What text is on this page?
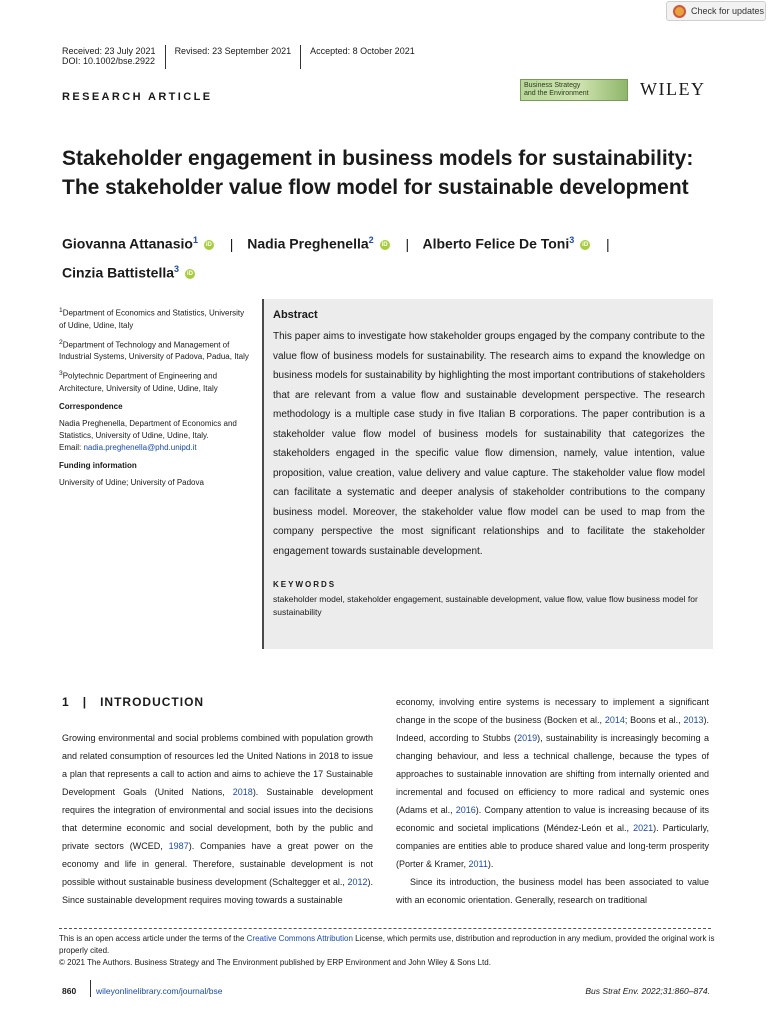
Check for updates
Received: 23 July 2021 Revised: 23 September 2021 Accepted: 8 October 2021
DOI: 10.1002/bse.2922
RESEARCH ARTICLE
Business Strategy
and the Environment	WILEY
Stakeholder engagement in business models for sustainability:
The stakeholder value flow model for sustainable development
Giovanna Attanasio$^1$ iD | Nadia Preghenella$^2$ iD | Alberto Felice De Toni$^3$ iD |
Cinzia Battistella$^3$ iD

$^1$Department of Economics and Statistics, University of Udine, Udine, Italy

$^2$Department of Technology and Management of Industrial Systems, University of Padova, Padua, Italy

$^3$Polytechnic Department of Engineering and Architecture, University of Udine, Udine, Italy

Correspondence

Nadia Preghenella, Department of Economics and Statistics, University of Udine, Udine, Italy.
Email: nadia.preghenella@phd.unipd.it

Funding information

University of Udine; University of Padova

Abstract
This paper aims to investigate how stakeholder groups engaged by the company contribute to the value flow of business models for sustainability. The research aims to expand the knowledge on business models for sustainability by highlighting the most important contributions of stakeholders that are relevant from a value flow and sustainable development perspective. The research methodology is a multiple case study in five Italian B corporations. The paper contribution is a stakeholder value flow model of business models for sustainability that categorizes the stakeholders engaged in the specific value flow dimension, namely, value intention, value proposition, value creation, value delivery and value capture. The stakeholder value flow model can facilitate a systematic and deeper analysis of stakeholder contributions to the company business model. Moreover, the stakeholder value flow model can be used to map from the company perspective the most significant relationships and to facilitate the stakeholder engagement towards sustainable development.
KEYWORDS
stakeholder model, stakeholder engagement, sustainable development, value flow, value flow business model for sustainability
1 | INTRODUCTION
Growing environmental and social problems combined with population growth and related consumption of resources led the United Nations in 2018 to issue a plan that represents a call to action and aims to achieve the 17 Sustainable Development Goals (United Nations, 2018). Sustainable development requires the integration of environmental and social issues into the decisions that determine economic and social development, both by the public and private sectors (WCED, 1987). Companies have a great power on the economy and life in general. Therefore, sustainable development is not possible without sustainable business development (Schaltegger et al., 2012). Since sustainable development requires moving towards a sustainable

economy, involving entire systems is necessary to implement a significant change in the scope of the business (Bocken et al., 2014; Boons et al., 2013). Indeed, according to Stubbs (2019), sustainability is increasingly becoming a changing behaviour, and less a technical challenge, because the types of approaches to sustainable innovation are shifting from internally oriented and incremental and focused on efficiency to more radical and systemic ones (Adams et al., 2016). Company attention to value is increasing because of its economic and societal implications (Méndez-León et al., 2021). Particularly, companies are entities able to produce shared value and long-term prosperity (Porter & Kramer, 2011).

Since its introduction, the business model has been associated to value with an economic orientation. Generally, research on traditional

This is an open access article under the terms of the Creative Commons Attribution License, which permits use, distribution and reproduction in any medium, provided the original work is properly cited.
© 2021 The Authors. Business Strategy and The Environment published by ERP Environment and John Wiley & Sons Ltd.
860 wileyonlinelibrary.com/journal/bse	Bus Strat Env. 2022;31:860–874.
